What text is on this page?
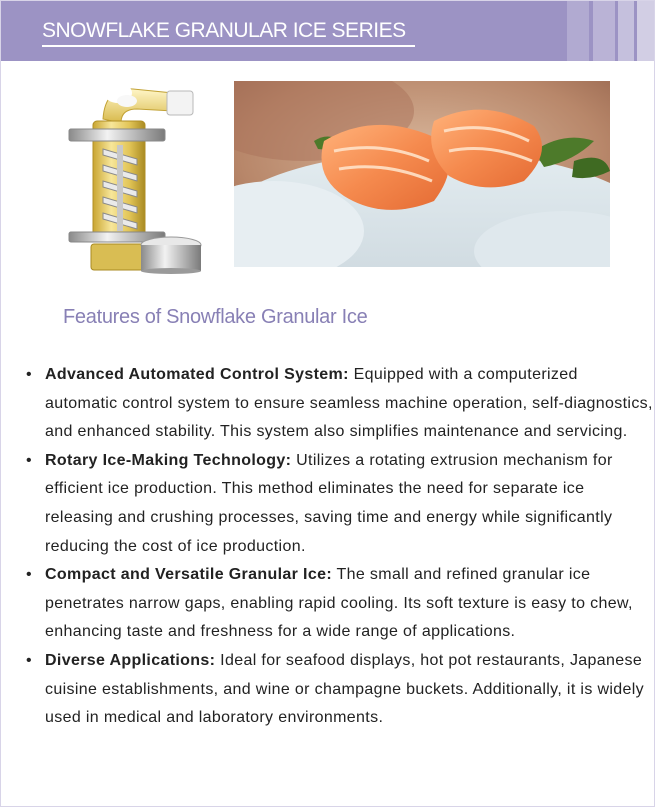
SNOWFLAKE GRANULAR ICE SERIES
Features of Snowflake Granular Ice
• Advanced Automated Control System: Equipped with a computerized automatic control system to ensure seamless machine operation, self-diagnostics, and enhanced stability. This system also simplifies maintenance and servicing.
• Rotary Ice-Making Technology: Utilizes a rotating extrusion mechanism for efficient ice production. This method eliminates the need for separate ice releasing and crushing processes, saving time and energy while significantly reducing the cost of ice production.
• Compact and Versatile Granular Ice: The small and refined granular ice penetrates narrow gaps, enabling rapid cooling. Its soft texture is easy to chew, enhancing taste and freshness for a wide range of applications.
• Diverse Applications: Ideal for seafood displays, hot pot restaurants, Japanese cuisine establishments, and wine or champagne buckets. Additionally, it is widely used in medical and laboratory environments.
